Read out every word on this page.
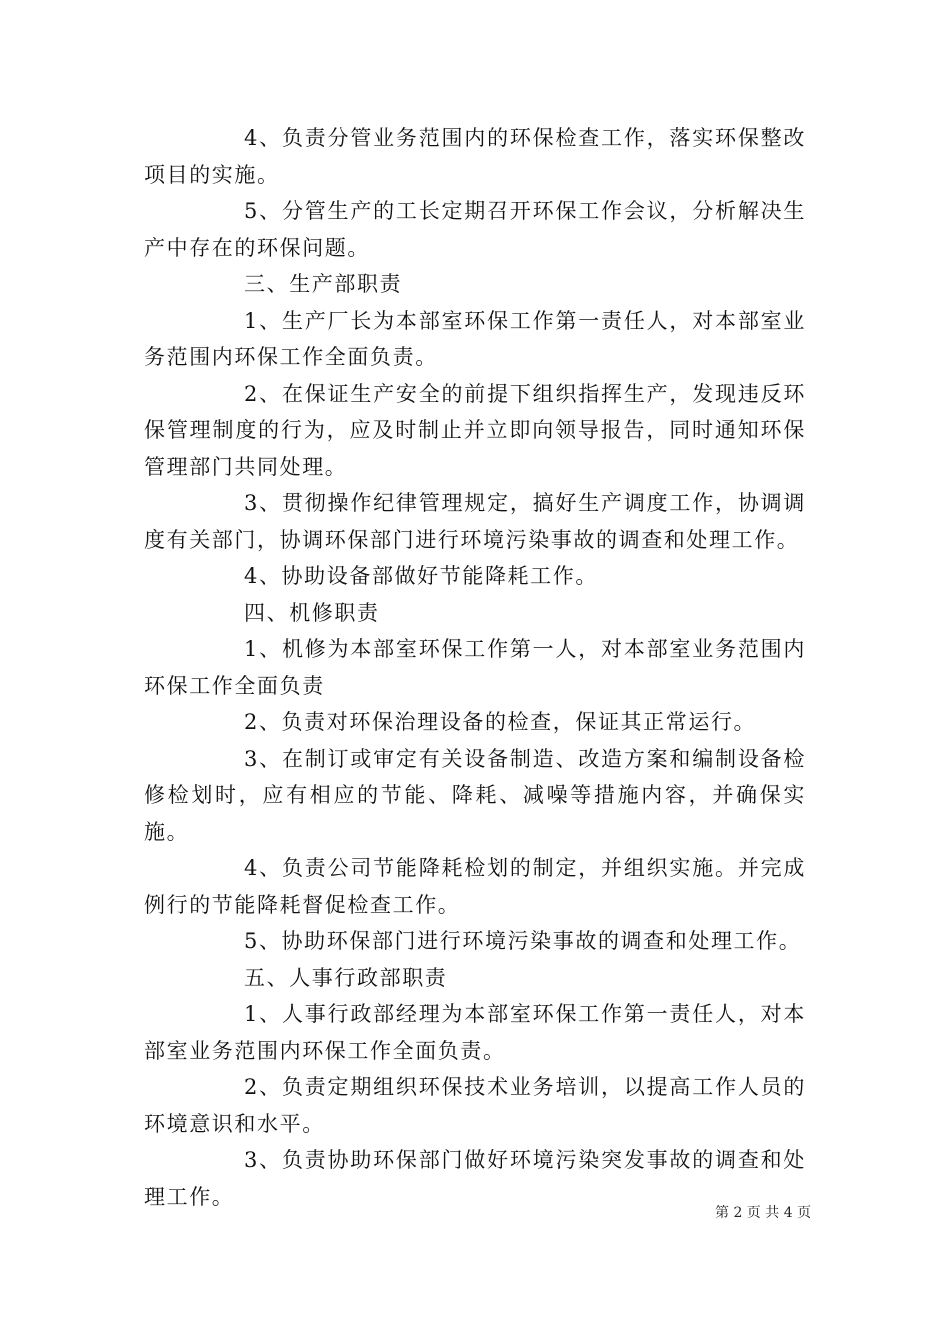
4、负责分管业务范围内的环保检查工作，落实环保整改项目的实施。

5、分管生产的工长定期召开环保工作会议，分析解决生产中存在的环保问题。

三、生产部职责

1、生产厂长为本部室环保工作第一责任人，对本部室业务范围内环保工作全面负责。

2、在保证生产安全的前提下组织指挥生产，发现违反环保管理制度的行为，应及时制止并立即向领导报告，同时通知环保管理部门共同处理。

3、贯彻操作纪律管理规定，搞好生产调度工作，协调调度有关部门，协调环保部门进行环境污染事故的调查和处理工作。

4、协助设备部做好节能降耗工作。

四、机修职责

1、机修为本部室环保工作第一人，对本部室业务范围内环保工作全面负责

2、负责对环保治理设备的检查，保证其正常运行。

3、在制订或审定有关设备制造、改造方案和编制设备检修检划时，应有相应的节能、降耗、减噪等措施内容，并确保实施。

4、负责公司节能降耗检划的制定，并组织实施。并完成例行的节能降耗督促检查工作。

5、协助环保部门进行环境污染事故的调查和处理工作。

五、人事行政部职责

1、人事行政部经理为本部室环保工作第一责任人，对本部室业务范围内环保工作全面负责。

2、负责定期组织环保技术业务培训，以提高工作人员的环境意识和水平。

3、负责协助环保部门做好环境污染突发事故的调查和处理工作。

第 2 页 共 4 页
